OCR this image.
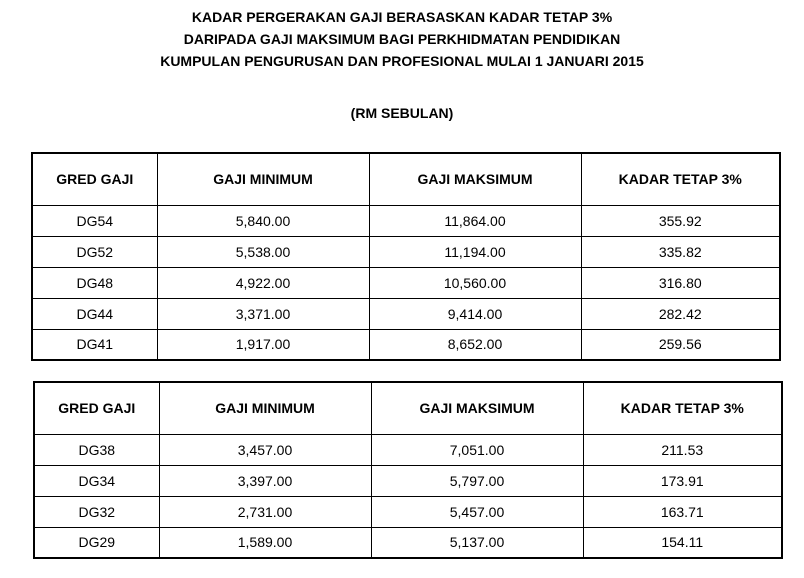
KADAR PERGERAKAN GAJI BERASASKAN KADAR TETAP 3%

DARIPADA GAJI MAKSIMUM BAGI PERKHIDMATAN PENDIDIKAN

KUMPULAN PENGURUSAN DAN PROFESIONAL MULAI 1 JANUARI 2015

(RM SEBULAN)

GRED GAJI	GAJI MINIMUM	GAJI MAKSIMUM	KADAR TETAP 3%
DG54	5,840.00	11,864.00	355.92
DG52	5,538.00	11,194.00	335.82
DG48	4,922.00	10,560.00	316.80
DG44	3,371.00	9,414.00	282.42
DG41	1,917.00	8,652.00	259.56
GRED GAJI	GAJI MINIMUM	GAJI MAKSIMUM	KADAR TETAP 3%
DG38	3,457.00	7,051.00	211.53
DG34	3,397.00	5,797.00	173.91
DG32	2,731.00	5,457.00	163.71
DG29	1,589.00	5,137.00	154.11
